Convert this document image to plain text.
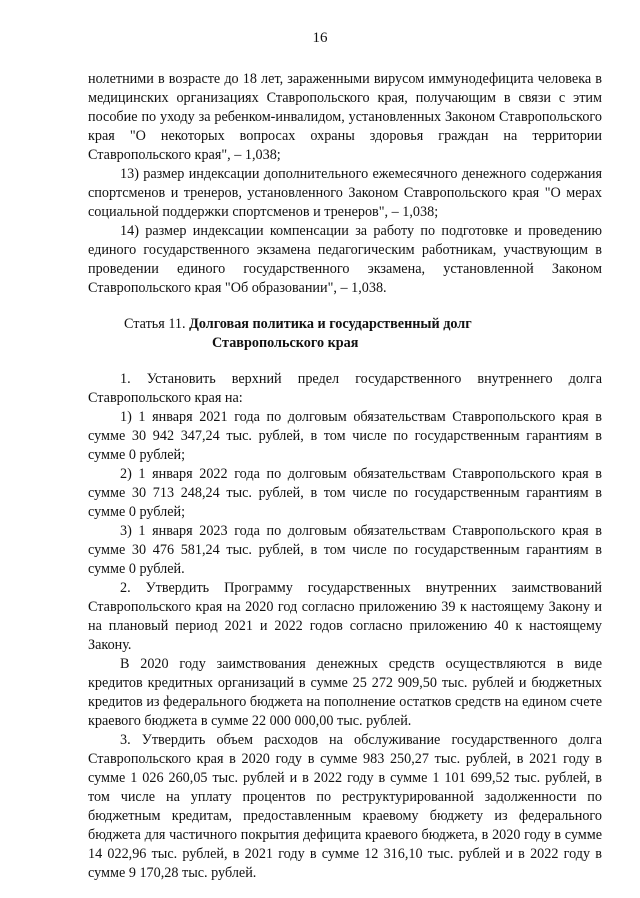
16

нолетними в возрасте до 18 лет, зараженными вирусом иммунодефицита человека в медицинских организациях Ставропольского края, получающим в связи с этим пособие по уходу за ребенком-инвалидом, установленных Законом Ставропольского края "О некоторых вопросах охраны здоровья граждан на территории Ставропольского края", – 1,038;

13) размер индексации дополнительного ежемесячного денежного содержания спортсменов и тренеров, установленного Законом Ставропольского края "О мерах социальной поддержки спортсменов и тренеров", – 1,038;

14) размер индексации компенсации за работу по подготовке и проведению единого государственного экзамена педагогическим работникам, участвующим в проведении единого государственного экзамена, установленной Законом Ставропольского края "Об образовании", – 1,038.

Статья 11. Долговая политика и государственный долг
Ставропольского края

1. Установить верхний предел государственного внутреннего долга Ставропольского края на:

1) 1 января 2021 года по долговым обязательствам Ставропольского края в сумме 30 942 347,24 тыс. рублей, в том числе по государственным гарантиям в сумме 0 рублей;

2) 1 января 2022 года по долговым обязательствам Ставропольского края в сумме 30 713 248,24 тыс. рублей, в том числе по государственным гарантиям в сумме 0 рублей;

3) 1 января 2023 года по долговым обязательствам Ставропольского края в сумме 30 476 581,24 тыс. рублей, в том числе по государственным гарантиям в сумме 0 рублей.

2. Утвердить Программу государственных внутренних заимствований Ставропольского края на 2020 год согласно приложению 39 к настоящему Закону и на плановый период 2021 и 2022 годов согласно приложению 40 к настоящему Закону.

В 2020 году заимствования денежных средств осуществляются в виде кредитов кредитных организаций в сумме 25 272 909,50 тыс. рублей и бюджетных кредитов из федерального бюджета на пополнение остатков средств на едином счете краевого бюджета в сумме 22 000 000,00 тыс. рублей.

3. Утвердить объем расходов на обслуживание государственного долга Ставропольского края в 2020 году в сумме 983 250,27 тыс. рублей, в 2021 году в сумме 1 026 260,05 тыс. рублей и в 2022 году в сумме 1 101 699,52 тыс. рублей, в том числе на уплату процентов по реструктурированной задолженности по бюджетным кредитам, предоставленным краевому бюджету из федерального бюджета для частичного покрытия дефицита краевого бюджета, в 2020 году в сумме 14 022,96 тыс. рублей, в 2021 году в сумме 12 316,10 тыс. рублей и в 2022 году в сумме 9 170,28 тыс. рублей.
